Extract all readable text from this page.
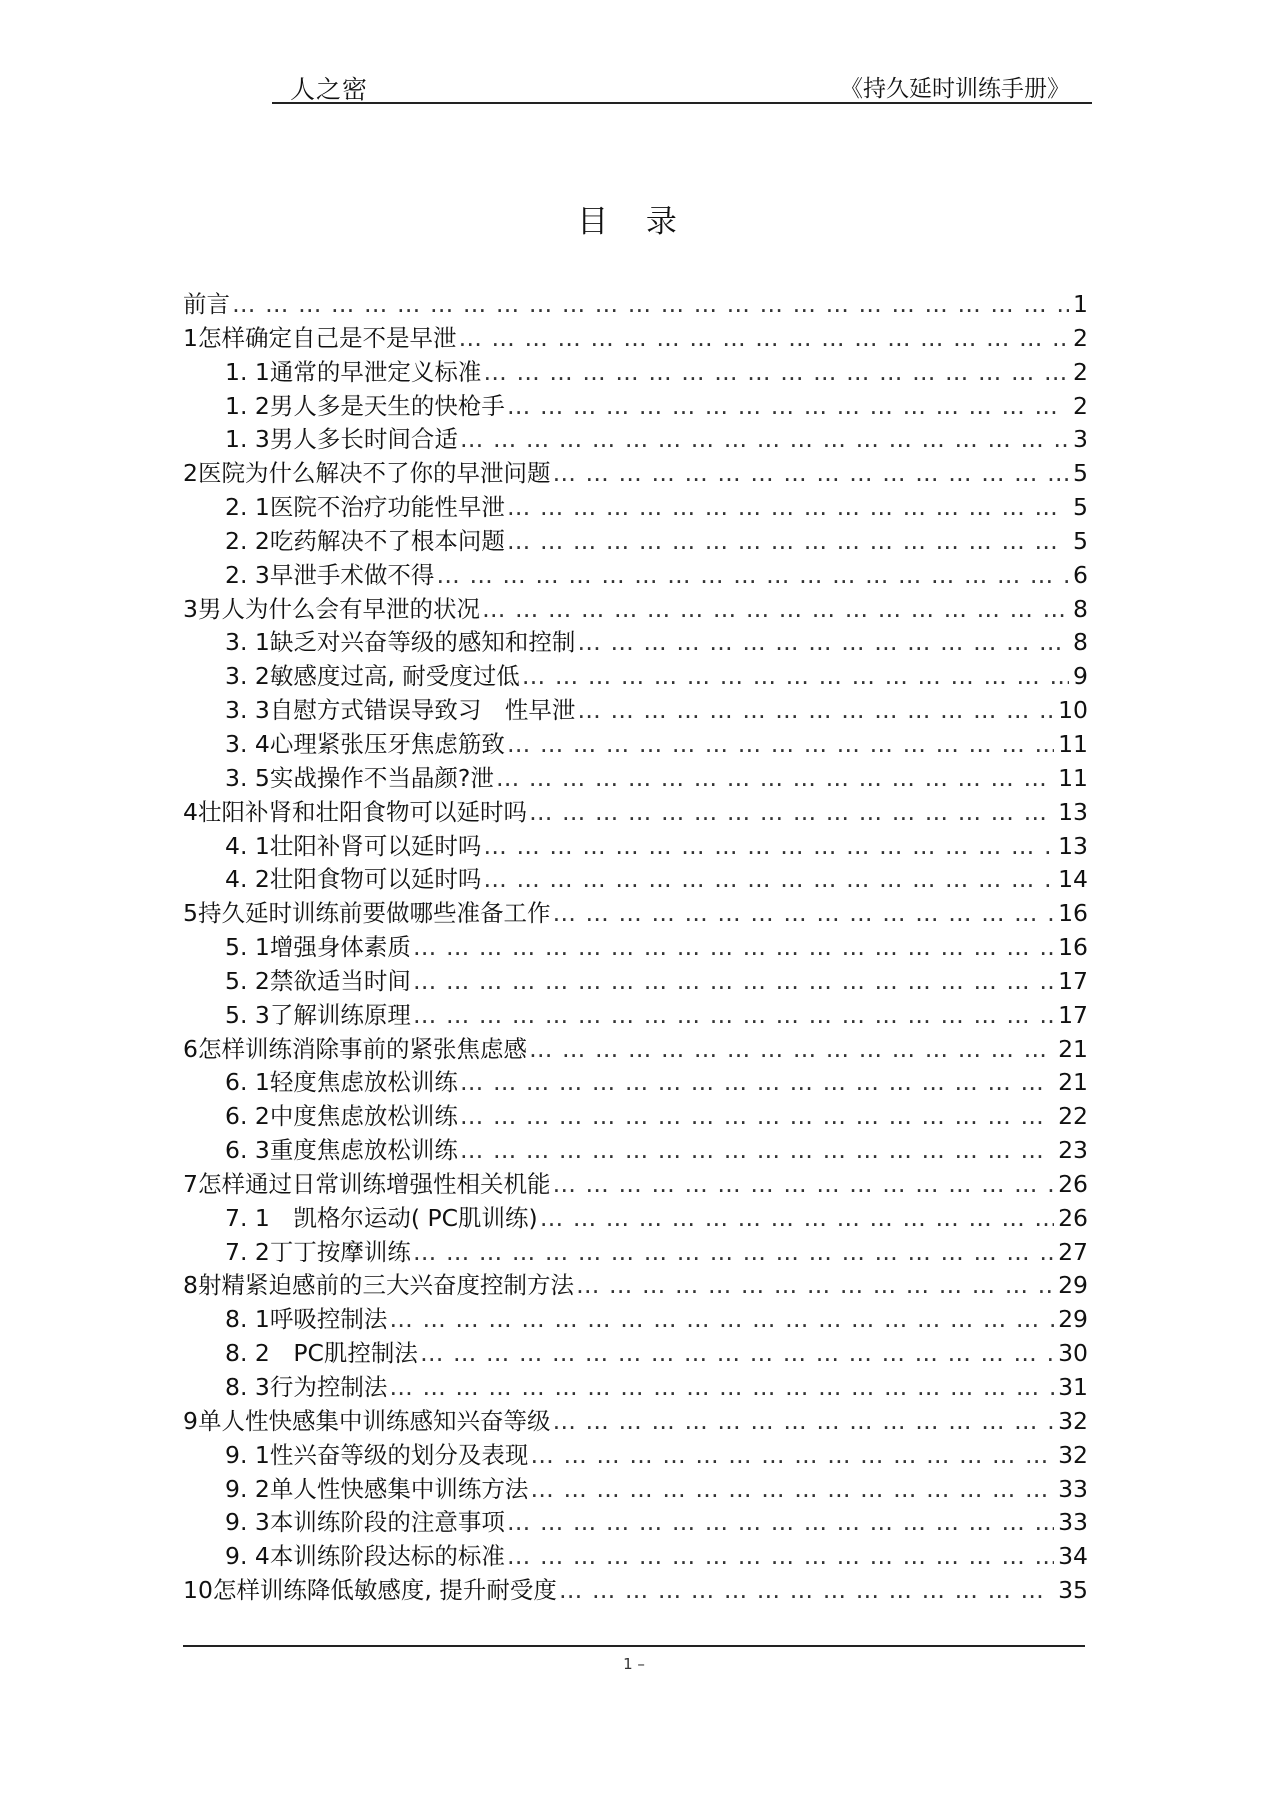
人之密	《持久延时训练手册》
目 录
前言 … … … … … … … … … … … … … … … … … … … … … … … … … … … … … … … … … … … … … … … … … … … …	1
1怎样确定自己是不是早泄 … … … … … … … … … … … … … … … … … … … … … … … … … … … … … … … … … … … … … … … … … … … …	2
1. 1通常的早泄定义标准 … … … … … … … … … … … … … … … … … … … … … … … … … … … … … … … … … … … … … … … … … … … …	2
1. 2男人多是天生的快枪手 … … … … … … … … … … … … … … … … … … … … … … … … … … … … … … … … … … … … … … … … … … … …	2
1. 3男人多长时间合适 … … … … … … … … … … … … … … … … … … … … … … … … … … … … … … … … … … … … … … … … … … … …	3
2医院为什么解决不了你的早泄问题 … … … … … … … … … … … … … … … … … … … … … … … … … … … … … … … … … … … … … … … … … … … …	5
2. 1医院不治疗功能性早泄 … … … … … … … … … … … … … … … … … … … … … … … … … … … … … … … … … … … … … … … … … … … …	5
2. 2吃药解决不了根本问题 … … … … … … … … … … … … … … … … … … … … … … … … … … … … … … … … … … … … … … … … … … … …	5
2. 3早泄手术做不得 … … … … … … … … … … … … … … … … … … … … … … … … … … … … … … … … … … … … … … … … … … … …	6
3男人为什么会有早泄的状况 … … … … … … … … … … … … … … … … … … … … … … … … … … … … … … … … … … … … … … … … … … … …	8
3. 1缺乏对兴奋等级的感知和控制 … … … … … … … … … … … … … … … … … … … … … … … … … … … … … … … … … … … … … … … … … … … …	8
3. 2敏感度过高, 耐受度过低 … … … … … … … … … … … … … … … … … … … … … … … … … … … … … … … … … … … … … … … … … … … …	9
3. 3自慰方式错误导致习　性早泄 … … … … … … … … … … … … … … … … … … … … … … … … … … … … … … … … … … … … … … … … … … … …	10
3. 4心理紧张压牙焦虑筋致 … … … … … … … … … … … … … … … … … … … … … … … … … … … … … … … … … … … … … … … … … … … …	11
3. 5实战操作不当晶颜?泄 … … … … … … … … … … … … … … … … … … … … … … … … … … … … … … … … … … … … … … … … … … … …	11
4壮阳补肾和壮阳食物可以延时吗 … … … … … … … … … … … … … … … … … … … … … … … … … … … … … … … … … … … … … … … … … … … …	13
4. 1壮阳补肾可以延时吗 … … … … … … … … … … … … … … … … … … … … … … … … … … … … … … … … … … … … … … … … … … … …	13
4. 2壮阳食物可以延时吗 … … … … … … … … … … … … … … … … … … … … … … … … … … … … … … … … … … … … … … … … … … … …	14
5持久延时训练前要做哪些准备工作 … … … … … … … … … … … … … … … … … … … … … … … … … … … … … … … … … … … … … … … … … … … …	16
5. 1增强身体素质 … … … … … … … … … … … … … … … … … … … … … … … … … … … … … … … … … … … … … … … … … … … …	16
5. 2禁欲适当时间 … … … … … … … … … … … … … … … … … … … … … … … … … … … … … … … … … … … … … … … … … … … …	17
5. 3了解训练原理 … … … … … … … … … … … … … … … … … … … … … … … … … … … … … … … … … … … … … … … … … … … …	17
6怎样训练消除事前的紧张焦虑感 … … … … … … … … … … … … … … … … … … … … … … … … … … … … … … … … … … … … … … … … … … … …	21
6. 1轻度焦虑放松训练 … … … … … … … … … … … … … … … … … … … … … … … … … … … … … … … … … … … … … … … … … … … …	21
6. 2中度焦虑放松训练 … … … … … … … … … … … … … … … … … … … … … … … … … … … … … … … … … … … … … … … … … … … …	22
6. 3重度焦虑放松训练 … … … … … … … … … … … … … … … … … … … … … … … … … … … … … … … … … … … … … … … … … … … …	23
7怎样通过日常训练增强性相关机能 … … … … … … … … … … … … … … … … … … … … … … … … … … … … … … … … … … … … … … … … … … … …	26
7. 1　凯格尔运动( PC肌训练) … … … … … … … … … … … … … … … … … … … … … … … … … … … … … … … … … … … … … … … … … … … …	26
7. 2丁丁按摩训练 … … … … … … … … … … … … … … … … … … … … … … … … … … … … … … … … … … … … … … … … … … … …	27
8射精紧迫感前的三大兴奋度控制方法 … … … … … … … … … … … … … … … … … … … … … … … … … … … … … … … … … … … … … … … … … … … …	29
8. 1呼吸控制法 … … … … … … … … … … … … … … … … … … … … … … … … … … … … … … … … … … … … … … … … … … … …	29
8. 2　PC肌控制法 … … … … … … … … … … … … … … … … … … … … … … … … … … … … … … … … … … … … … … … … … … … …	30
8. 3行为控制法 … … … … … … … … … … … … … … … … … … … … … … … … … … … … … … … … … … … … … … … … … … … …	31
9单人性快感集中训练感知兴奋等级 … … … … … … … … … … … … … … … … … … … … … … … … … … … … … … … … … … … … … … … … … … … …	32
9. 1性兴奋等级的划分及表现 … … … … … … … … … … … … … … … … … … … … … … … … … … … … … … … … … … … … … … … … … … … …	32
9. 2单人性快感集中训练方法 … … … … … … … … … … … … … … … … … … … … … … … … … … … … … … … … … … … … … … … … … … … …	33
9. 3本训练阶段的注意事项 … … … … … … … … … … … … … … … … … … … … … … … … … … … … … … … … … … … … … … … … … … … …	33
9. 4本训练阶段达标的标准 … … … … … … … … … … … … … … … … … … … … … … … … … … … … … … … … … … … … … … … … … … … …	34
10怎样训练降低敏感度, 提升耐受度 … … … … … … … … … … … … … … … … … … … … … … … … … … … … … … … … … … … … … … … … … … … …	35
1 –
